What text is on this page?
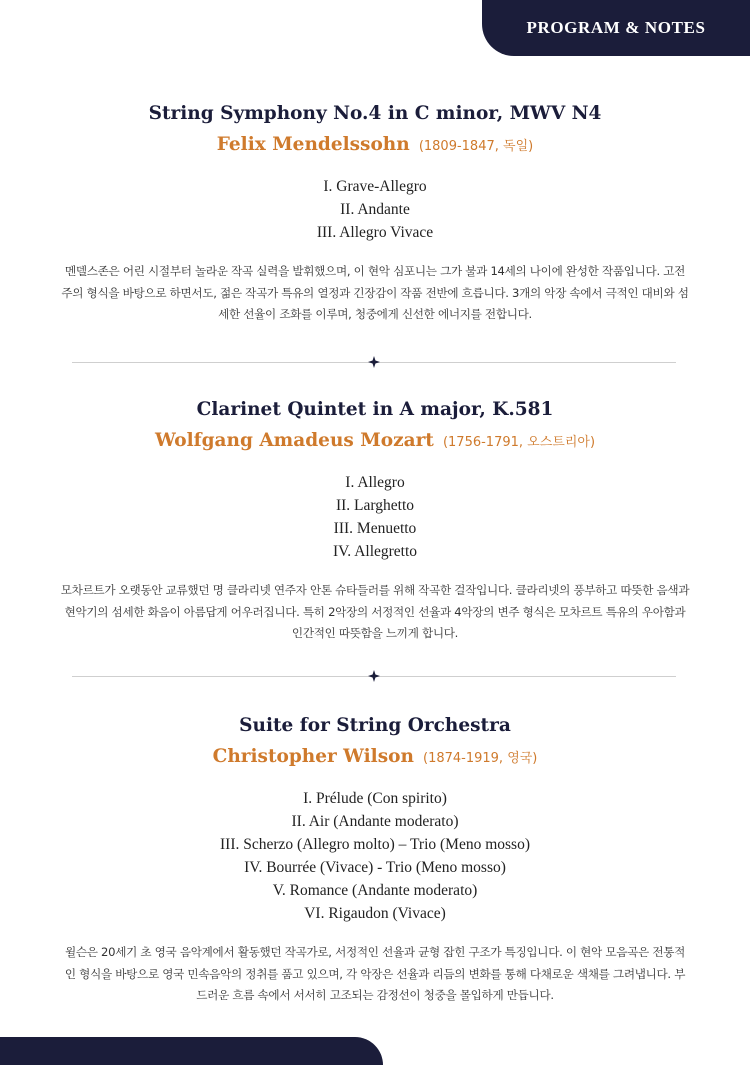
PROGRAM & NOTES
String Symphony No.4 in C minor, MWV N4
Felix Mendelssohn (1809-1847, 독일)
I. Grave-Allegro
II. Andante
III. Allegro Vivace

멘델스존은 어린 시절부터 놀라운 작곡 실력을 발휘했으며, 이 현악 심포니는 그가 불과 14세의 나이에 완성한 작품입니다. 고전주의 형식을 바탕으로 하면서도, 젊은 작곡가 특유의 열정과 긴장감이 작품 전반에 흐릅니다. 3개의 악장 속에서 극적인 대비와 섬세한 선율이 조화를 이루며, 청중에게 신선한 에너지를 전합니다.

Clarinet Quintet in A major, K.581
Wolfgang Amadeus Mozart (1756-1791, 오스트리아)
I. Allegro
II. Larghetto
III. Menuetto
IV. Allegretto

모차르트가 오랫동안 교류했던 명 클라리넷 연주자 안톤 슈타들러를 위해 작곡한 걸작입니다. 클라리넷의 풍부하고 따뜻한 음색과 현악기의 섬세한 화음이 아름답게 어우러집니다. 특히 2악장의 서정적인 선율과 4악장의 변주 형식은 모차르트 특유의 우아함과 인간적인 따뜻함을 느끼게 합니다.

Suite for String Orchestra
Christopher Wilson (1874-1919, 영국)
I. Prélude (Con spirito)
II. Air (Andante moderato)
III. Scherzo (Allegro molto) – Trio (Meno mosso)
IV. Bourrée (Vivace) - Trio (Meno mosso)
V. Romance (Andante moderato)
VI. Rigaudon (Vivace)

윌슨은 20세기 초 영국 음악계에서 활동했던 작곡가로, 서정적인 선율과 균형 잡힌 구조가 특징입니다. 이 현악 모음곡은 전통적인 형식을 바탕으로 영국 민속음악의 정취를 품고 있으며, 각 악장은 선율과 리듬의 변화를 통해 다채로운 색채를 그려냅니다. 부드러운 흐름 속에서 서서히 고조되는 감정선이 청중을 몰입하게 만듭니다.
